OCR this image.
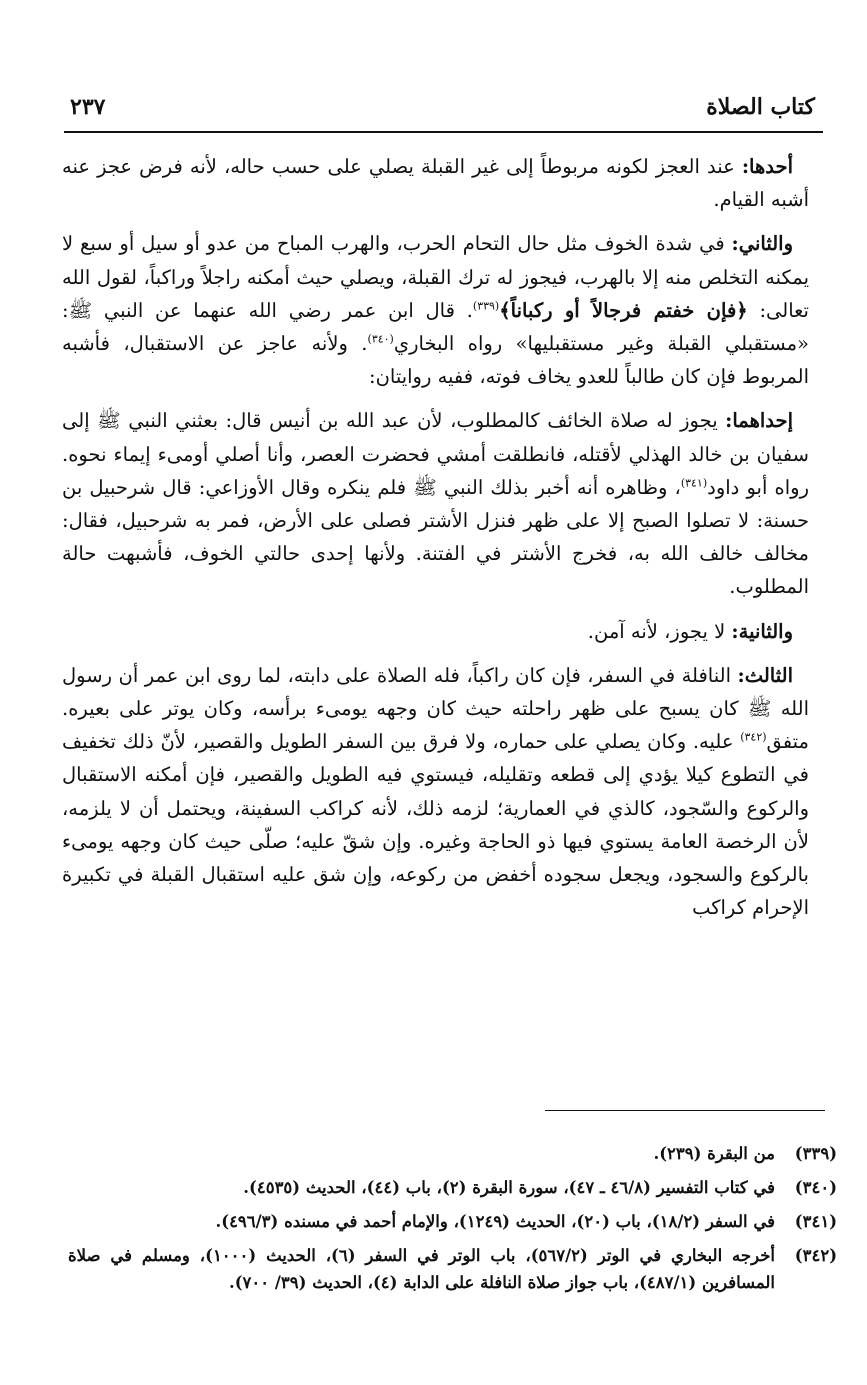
كتاب الصلاة
٢٣٧

أحدها: عند العجز لكونه مربوطاً إلى غير القبلة يصلي على حسب حاله، لأنه فرض عجز عنه أشبه القيام.

والثاني: في شدة الخوف مثل حال التحام الحرب، والهرب المباح من عدو أو سيل أو سبع لا يمكنه التخلص منه إلا بالهرب، فيجوز له ترك القبلة، ويصلي حيث أمكنه راجلاً وراكباً، لقول الله تعالى: ﴿فإن خفتم فرجالاً أو ركباناً﴾$^{(٣٣٩)}$. قال ابن عمر رضي الله عنهما عن النبي ﷺ: «مستقبلي القبلة وغير مستقبليها» رواه البخاري$^{(٣٤٠)}$. ولأنه عاجز عن الاستقبال، فأشبه المربوط فإن كان طالباً للعدو يخاف فوته، ففيه روايتان:

إحداهما: يجوز له صلاة الخائف كالمطلوب، لأن عبد الله بن أنيس قال: بعثني النبي ﷺ إلى سفيان بن خالد الهذلي لأقتله، فانطلقت أمشي فحضرت العصر، وأنا أصلي أومىء إيماء نحوه. رواه أبو داود$^{(٣٤١)}$، وظاهره أنه أخبر بذلك النبي ﷺ فلم ينكره وقال الأوزاعي: قال شرحبيل بن حسنة: لا تصلوا الصبح إلا على ظهر فنزل الأشتر فصلى على الأرض، فمر به شرحبيل، فقال: مخالف خالف الله به، فخرج الأشتر في الفتنة. ولأنها إحدى حالتي الخوف، فأشبهت حالة المطلوب.

والثانية: لا يجوز، لأنه آمن.

الثالث: النافلة في السفر، فإن كان راكباً، فله الصلاة على دابته، لما روى ابن عمر أن رسول الله ﷺ كان يسبح على ظهر راحلته حيث كان وجهه يومىء برأسه، وكان يوتر على بعيره. متفق$^{(٣٤٢)}$ عليه. وكان يصلي على حماره، ولا فرق بين السفر الطويل والقصير، لأنّ ذلك تخفيف في التطوع كيلا يؤدي إلى قطعه وتقليله، فيستوي فيه الطويل والقصير، فإن أمكنه الاستقبال والركوع والسّجود، كالذي في العمارية؛ لزمه ذلك، لأنه كراكب السفينة، ويحتمل أن لا يلزمه، لأن الرخصة العامة يستوي فيها ذو الحاجة وغيره. وإن شقّ عليه؛ صلّى حيث كان وجهه يومىء بالركوع والسجود، ويجعل سجوده أخفض من ركوعه، وإن شق عليه استقبال القبلة في تكبيرة الإحرام كراكب

(٣٣٩)
من البقرة (٢٣٩).
(٣٤٠)
في كتاب التفسير (٤٦/٨ ـ ٤٧)، سورة البقرة (٢)، باب (٤٤)، الحديث (٤٥٣٥).
(٣٤١)
في السفر (١٨/٢)، باب (٢٠)، الحديث (١٢٤٩)، والإمام أحمد في مسنده (٤٩٦/٣).
(٣٤٢)
أخرجه البخاري في الوتر (٥٦٧/٢)، باب الوتر في السفر (٦)، الحديث (١٠٠٠)، ومسلم في صلاة المسافرين (٤٨٧/١)، باب جواز صلاة النافلة على الدابة (٤)، الحديث (٣٩/ ٧٠٠).
